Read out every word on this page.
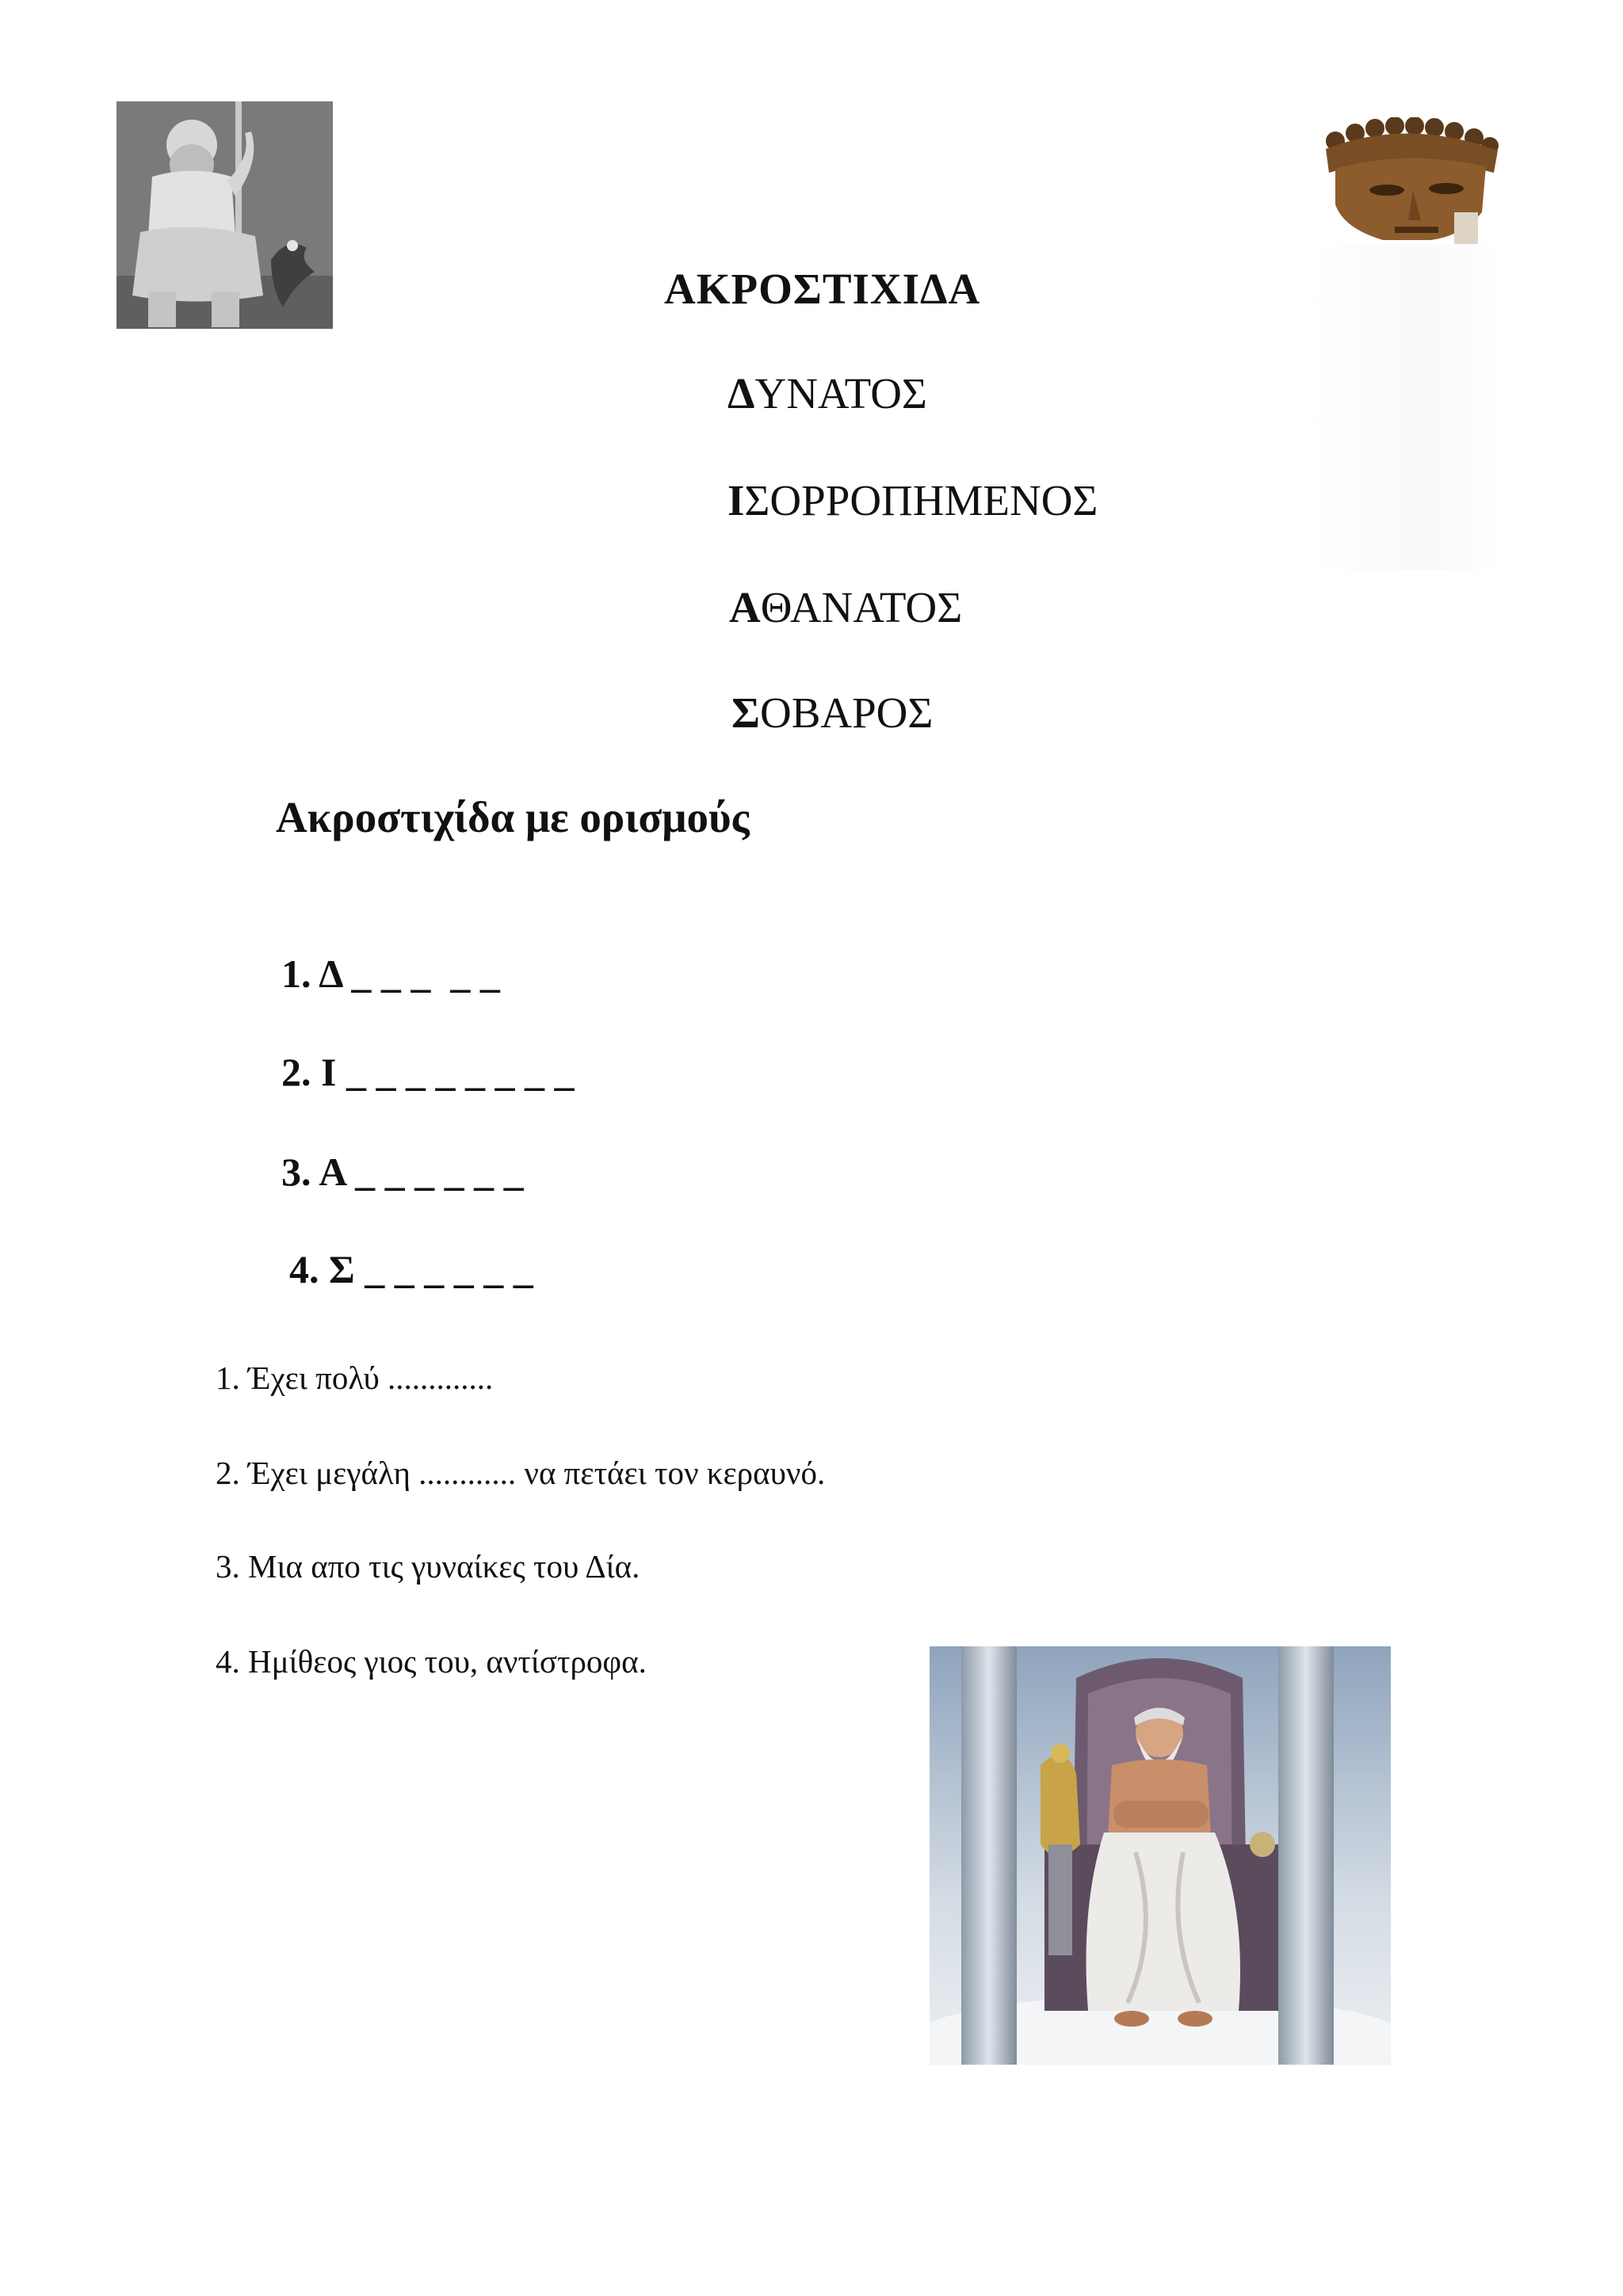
ΑΚΡΟΣΤΙΧΙΔΑ
ΔΥΝΑΤΟΣ
ΙΣΟΡΡΟΠΗΜΕΝΟΣ
ΑΘΑΝΑΤΟΣ
ΣΟΒΑΡΟΣ
Ακροστιχίδα με ορισμούς
1. Δ _ _ _  _ _
2. Ι _ _ _ _ _ _ _ _
3. Α _ _ _ _ _ _
4. Σ _ _ _ _ _ _
1. Έχει πολύ .............
2. Έχει μεγάλη ............ να πετάει τον κεραυνό.
3. Μια απο τις γυναίκες του Δία.
4. Ημίθεος γιος του, αντίστροφα.
